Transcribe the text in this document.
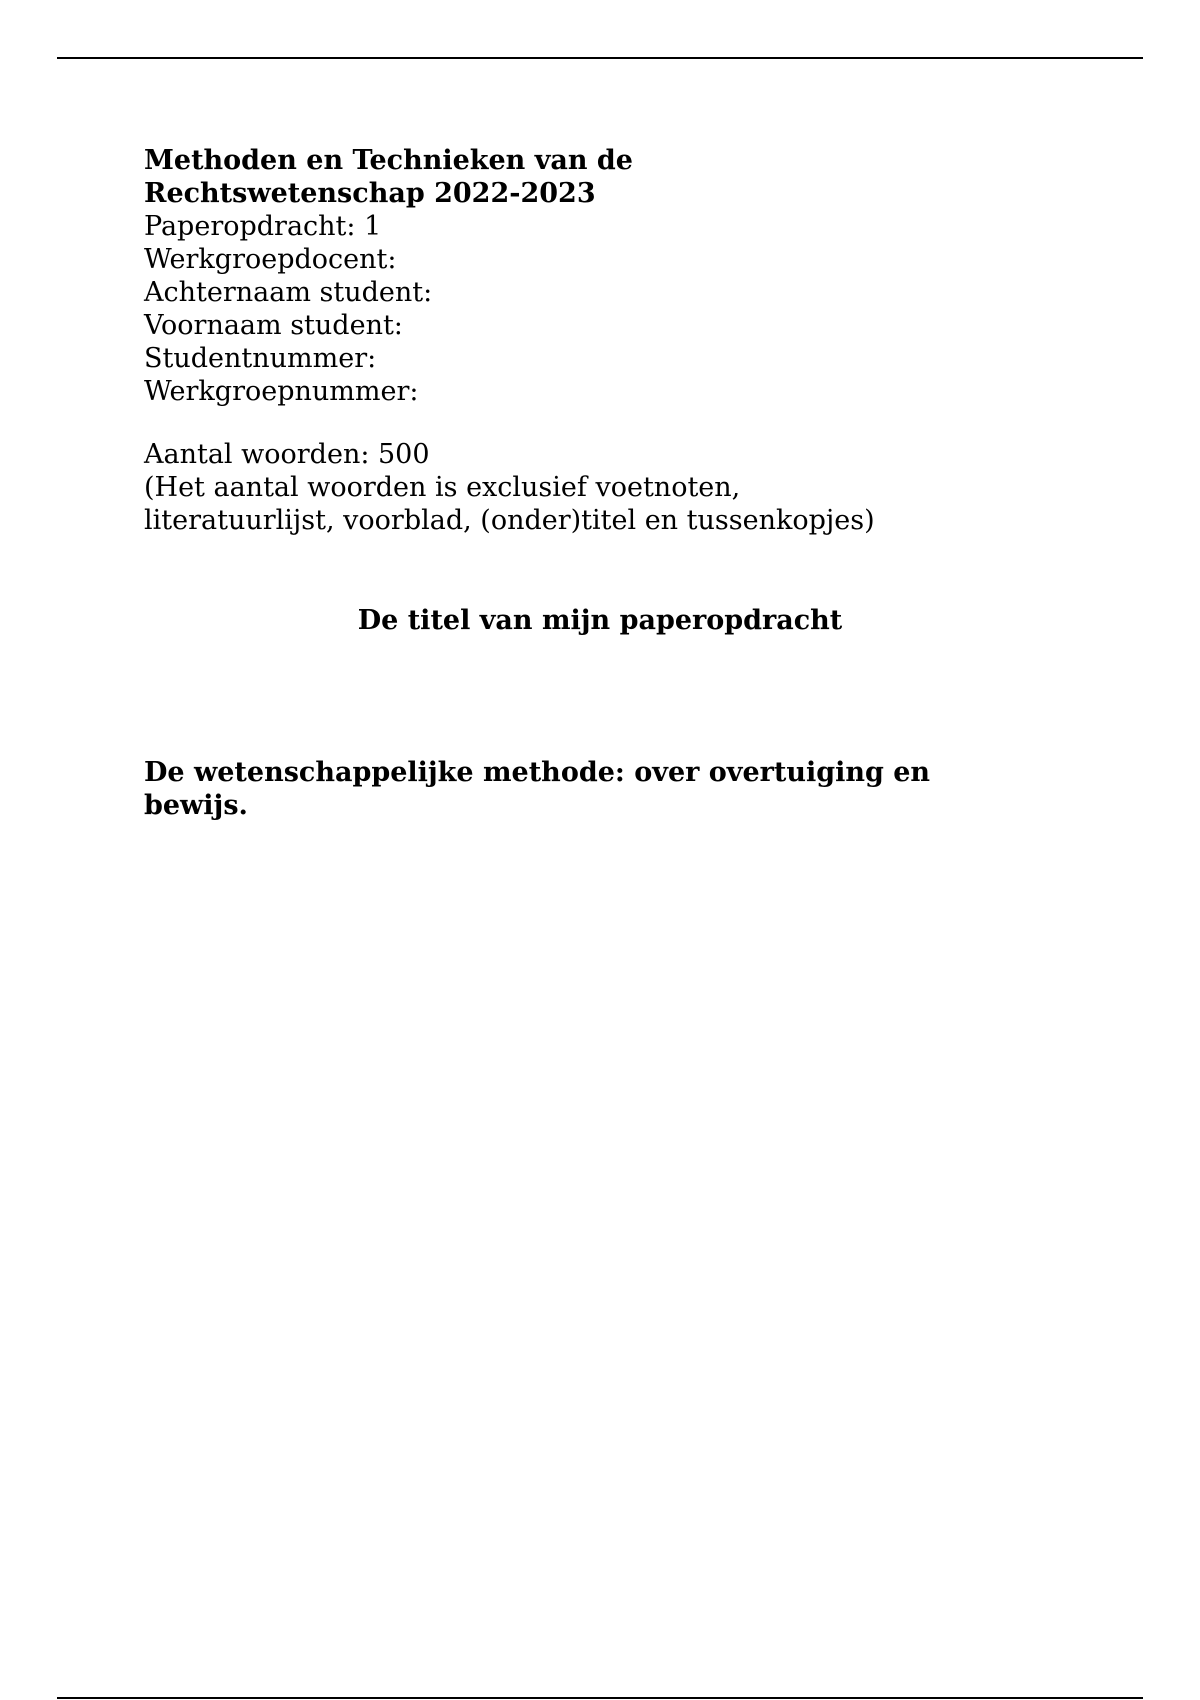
Methoden en Technieken van de
Rechtswetenschap 2022-2023

Paperopdracht: 1

Werkgroepdocent:

Achternaam student:

Voornaam student:

Studentnummer:

Werkgroepnummer:

Aantal woorden: 500

(Het aantal woorden is exclusief voetnoten,

literatuurlijst, voorblad, (onder)titel en tussenkopjes)

De titel van mijn paperopdracht

De wetenschappelijke methode: over overtuiging en bewijs.
